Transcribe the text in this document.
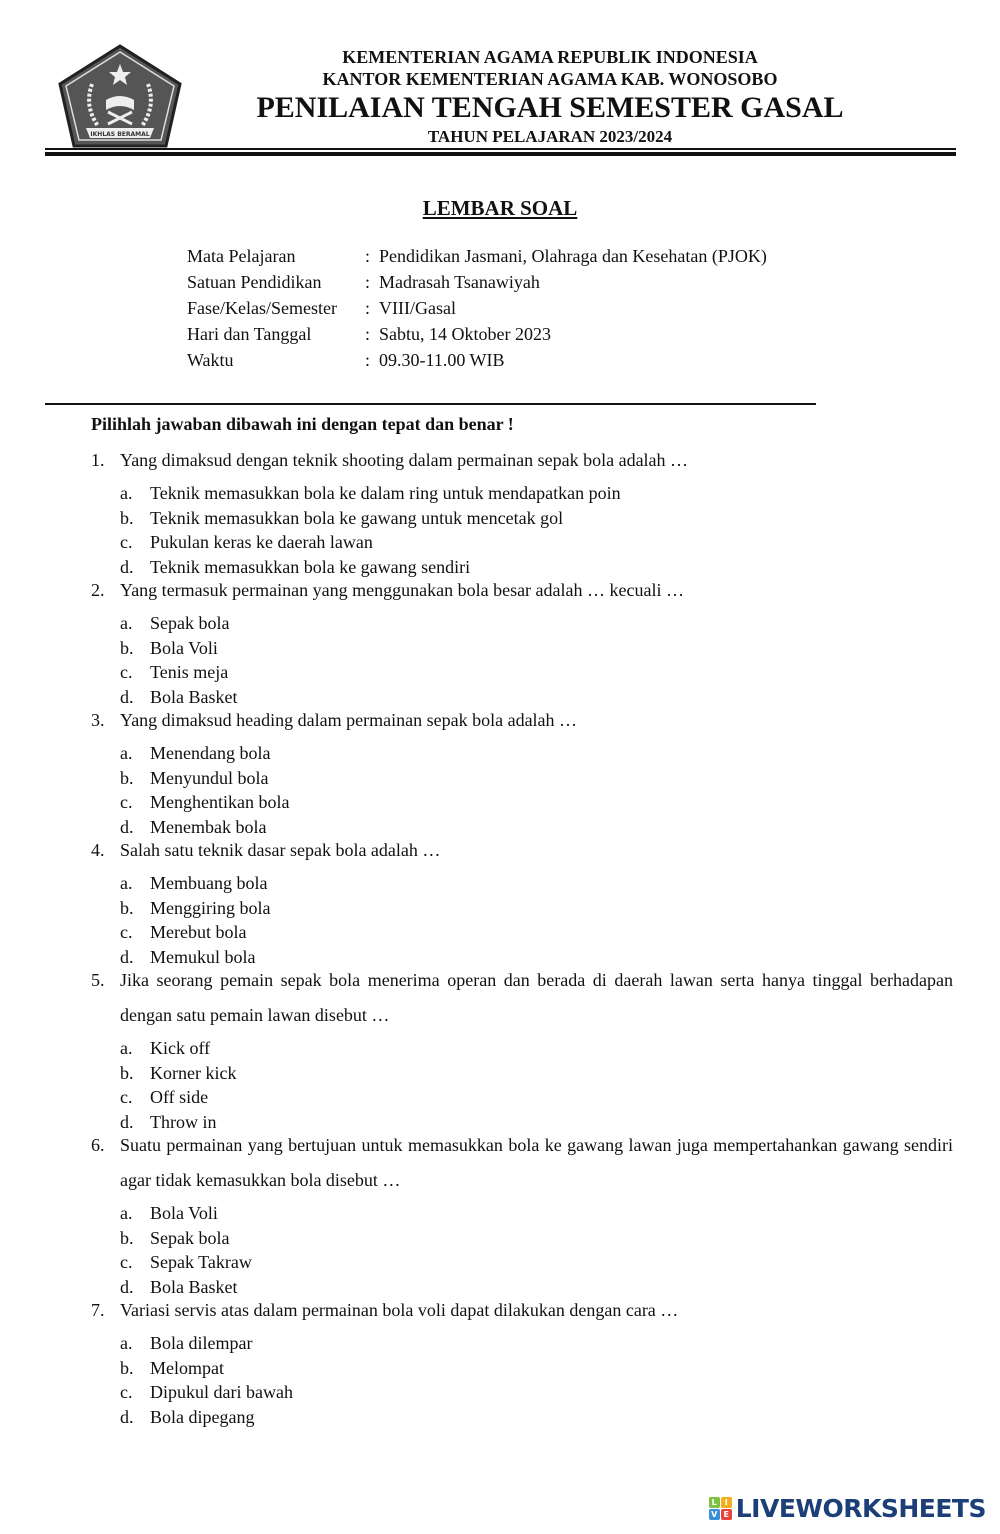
IKHLAS BERAMAL
KEMENTERIAN AGAMA REPUBLIK INDONESIA
KANTOR KEMENTERIAN AGAMA KAB. WONOSOBO
PENILAIAN TENGAH SEMESTER GASAL
TAHUN PELAJARAN 2023/2024
LEMBAR SOAL
Mata Pelajaran	: Pendidikan Jasmani, Olahraga dan Kesehatan (PJOK)
Satuan Pendidikan	: Madrasah Tsanawiyah
Fase/Kelas/Semester	: VIII/Gasal
Hari dan Tanggal	: Sabtu, 14 Oktober 2023
Waktu	: 09.30-11.00 WIB
Pilihlah jawaban dibawah ini dengan tepat dan benar !
1. Yang dimaksud dengan teknik shooting dalam permainan sepak bola adalah …
a. Teknik memasukkan bola ke dalam ring untuk mendapatkan poin
b. Teknik memasukkan bola ke gawang untuk mencetak gol
c. Pukulan keras ke daerah lawan
d. Teknik memasukkan bola ke gawang sendiri
2. Yang termasuk permainan yang menggunakan bola besar adalah … kecuali …
a. Sepak bola
b. Bola Voli
c. Tenis meja
d. Bola Basket
3. Yang dimaksud heading dalam permainan sepak bola adalah …
a. Menendang bola
b. Menyundul bola
c. Menghentikan bola
d. Menembak bola
4. Salah satu teknik dasar sepak bola adalah …
a. Membuang bola
b. Menggiring bola
c. Merebut bola
d. Memukul bola
5. Jika seorang pemain sepak bola menerima operan dan berada di daerah lawan serta hanya tinggal berhadapan dengan satu pemain lawan disebut …
a. Kick off
b. Korner kick
c. Off side
d. Throw in
6. Suatu permainan yang bertujuan untuk memasukkan bola ke gawang lawan juga mempertahankan gawang sendiri agar tidak kemasukkan bola disebut …
a. Bola Voli
b. Sepak bola
c. Sepak Takraw
d. Bola Basket
7. Variasi servis atas dalam permainan bola voli dapat dilakukan dengan cara …
a. Bola dilempar
b. Melompat
c. Dipukul dari bawah
d. Bola dipegang
L I
V E LIVEWORKSHEETS
